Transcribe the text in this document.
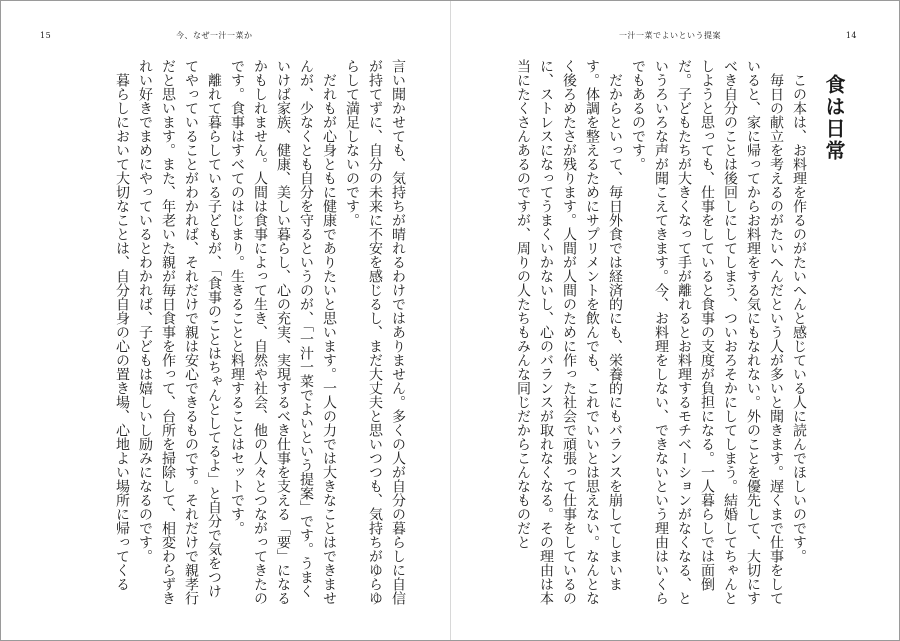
15	今、なぜ一汁一菜か	一汁一菜でよいという提案	14
食は日常

この本は、お料理を作るのがたいへんと感じている人に読んでほしいのです。

毎日の献立を考えるのがたいへんだという人が多いと聞きます。遅くまで仕事をしていると、家に帰ってからお料理をする気にもなれない。外のことを優先して、大切にすべき自分のことは後回しにしてしまう、ついおろそかにしてしまう。結婚してちゃんとしようと思っても、仕事をしていると食事の支度が負担になる。一人暮らしでは面倒だ。子どもたちが大きくなって手が離れるとお料理するモチベーションがなくなる、というろいろな声が聞こえてきます。今、お料理をしない、できないという理由はいくらでもあるのです。

だからといって、毎日外食では経済的にも、栄養的にもバランスを崩してしまいます。体調を整えるためにサプリメントを飲んでも、これでいいとは思えない。なんとなく後ろめたさが残ります。人間が人間のために作った社会で頑張って仕事をしているのに、ストレスになってうまくいかないし、心のバランスが取れなくなる。その理由は本当にたくさんあるのですが、周りの人たちもみんな同じだからこんなものだと

言い聞かせても、気持ちが晴れるわけではありません。多くの人が自分の暮らしに自信が持てずに、自分の未来に不安を感じるし、まだ大丈夫と思いつつも、気持ちがゆらゆらして満足しないのです。

だれもが心身ともに健康でありたいと思います。一人の力では大きなことはできませんが、少なくとも自分を守るというのが、「一汁一菜でよいという提案」です。うまくいけば家族、健康、美しい暮らし、心の充実、実現するべき仕事を支える「要」になるかもしれません。人間は食事によって生き、自然や社会、他の人々とつながってきたのです。食事はすべてのはじまり。生きることと料理することはセットです。

離れて暮らしている子どもが、「食事のことはちゃんとしてるよ」と自分で気をつけてやっていることがわかれば、それだけで親は安心できるものです。それだけで親孝行だと思います。また、年老いた親が毎日食事を作って、台所を掃除して、相変わらずきれい好きでまめにやっているとわかれば、子どもは嬉しいし励みになるのです。

暮らしにおいて大切なことは、自分自身の心の置き場、心地よい場所に帰ってくる
